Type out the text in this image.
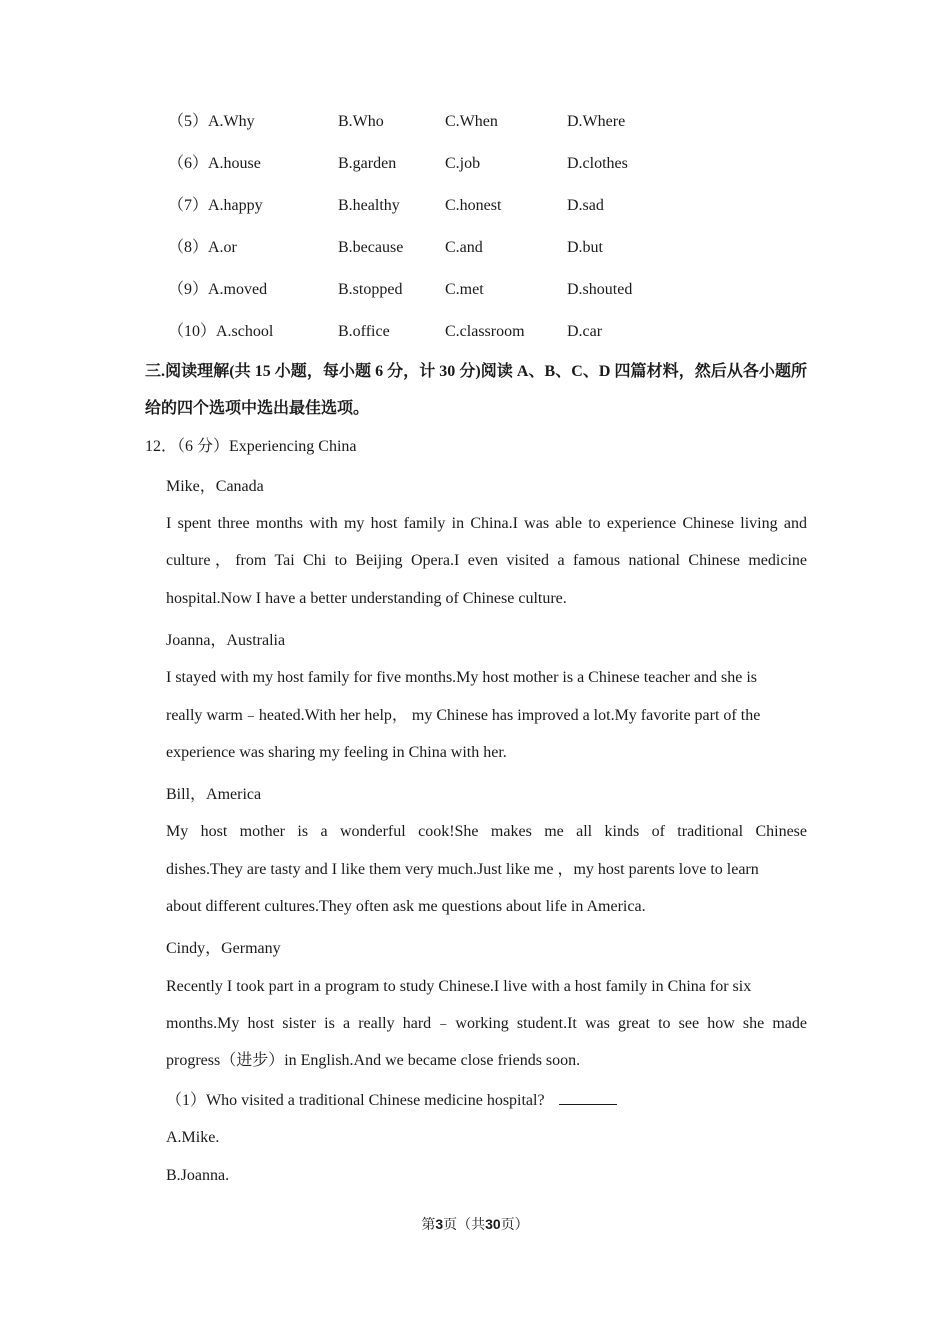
（5）A.Why	B.Who	C.When	D.Where
（6）A.house	B.garden	C.job	D.clothes
（7）A.happy	B.healthy	C.honest	D.sad
（8）A.or	B.because	C.and	D.but
（9）A.moved	B.stopped	C.met	D.shouted
（10）A.school	B.office	C.classroom	D.car
三.阅读理解(共 15 小题，每小题 6 分，计 30 分)阅读 A、B、C、D 四篇材料，然后从各小题所给的四个选项中选出最佳选项。
12．（6 分）Experiencing China
Mike，Canada
I spent three months with my host family in China.I was able to experience Chinese living and
culture，from Tai Chi to Beijing Opera.I even visited a famous national Chinese medicine
hospital.Now I have a better understanding of Chinese culture.
Joanna，Australia
I stayed with my host family for five months.My host mother is a Chinese teacher and she is
really warm﹣heated.With her help， my Chinese has improved a lot.My favorite part of the
experience was sharing my feeling in China with her.
Bill，America
My host mother is a wonderful cook!She makes me all kinds of traditional Chinese
dishes.They are tasty and I like them very much.Just like me ，my host parents love to learn
about different cultures.They often ask me questions about life in America.
Cindy，Germany
Recently I took part in a program to study Chinese.I live with a host family in China for six
months.My host sister is a really hard﹣working student.It was great to see how she made
progress（进步）in English.And we became close friends soon.
（1）Who visited a traditional Chinese medicine hospital?
A.Mike.
B.Joanna.
第3页（共30页）
